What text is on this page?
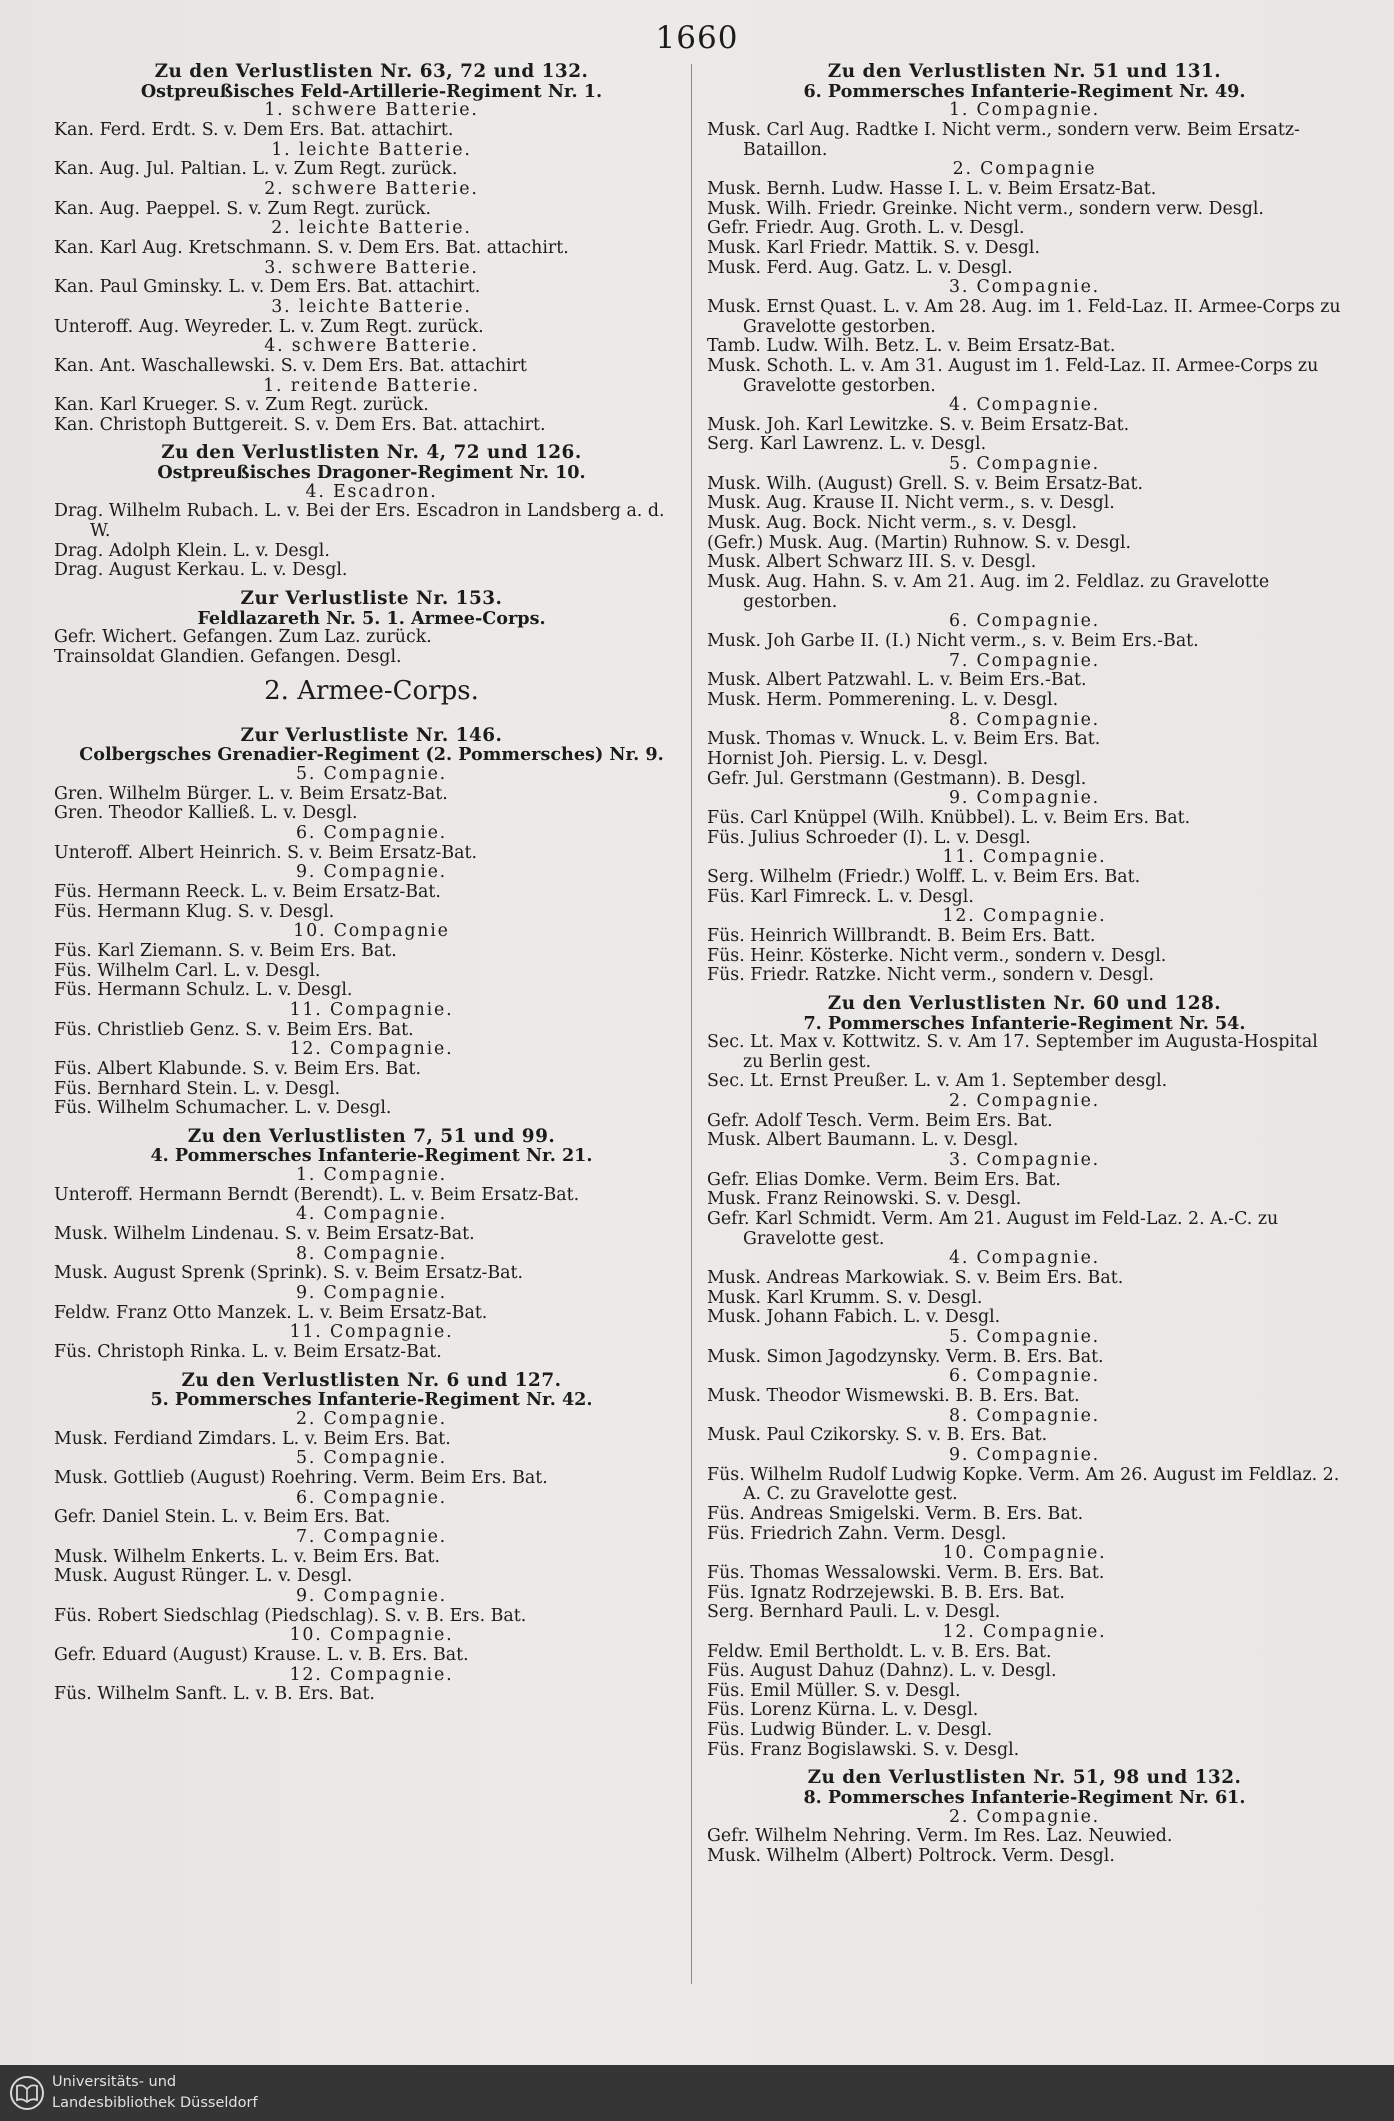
1660
Zu den Verlustlisten Nr. 63, 72 und 132.
Ostpreußisches Feld-Artillerie-Regiment Nr. 1.
1. schwere Batterie.
Kan. Ferd. Erdt. S. v. Dem Ers. Bat. attachirt.
1. leichte Batterie.
Kan. Aug. Jul. Paltian. L. v. Zum Regt. zurück.
2. schwere Batterie.
Kan. Aug. Paeppel. S. v. Zum Regt. zurück.
2. leichte Batterie.
Kan. Karl Aug. Kretschmann. S. v. Dem Ers. Bat. attachirt.
3. schwere Batterie.
Kan. Paul Gminsky. L. v. Dem Ers. Bat. attachirt.
3. leichte Batterie.
Unteroff. Aug. Weyreder. L. v. Zum Regt. zurück.
4. schwere Batterie.
Kan. Ant. Waschallewski. S. v. Dem Ers. Bat. attachirt
1. reitende Batterie.
Kan. Karl Krueger. S. v. Zum Regt. zurück.
Kan. Christoph Buttgereit. S. v. Dem Ers. Bat. attachirt.
Zu den Verlustlisten Nr. 4, 72 und 126.
Ostpreußisches Dragoner-Regiment Nr. 10.
4. Escadron.
Drag. Wilhelm Rubach. L. v. Bei der Ers. Escadron in Landsberg a. d. W.
Drag. Adolph Klein. L. v. Desgl.
Drag. August Kerkau. L. v. Desgl.
Zur Verlustliste Nr. 153.
Feldlazareth Nr. 5. 1. Armee-Corps.
Gefr. Wichert. Gefangen. Zum Laz. zurück.
Trainsoldat Glandien. Gefangen. Desgl.
2. Armee-Corps.
Zur Verlustliste Nr. 146.
Colbergsches Grenadier-Regiment (2. Pommersches) Nr. 9.
5. Compagnie.
Gren. Wilhelm Bürger. L. v. Beim Ersatz-Bat.
Gren. Theodor Kalließ. L. v. Desgl.
6. Compagnie.
Unteroff. Albert Heinrich. S. v. Beim Ersatz-Bat.
9. Compagnie.
Füs. Hermann Reeck. L. v. Beim Ersatz-Bat.
Füs. Hermann Klug. S. v. Desgl.
10. Compagnie
Füs. Karl Ziemann. S. v. Beim Ers. Bat.
Füs. Wilhelm Carl. L. v. Desgl.
Füs. Hermann Schulz. L. v. Desgl.
11. Compagnie.
Füs. Christlieb Genz. S. v. Beim Ers. Bat.
12. Compagnie.
Füs. Albert Klabunde. S. v. Beim Ers. Bat.
Füs. Bernhard Stein. L. v. Desgl.
Füs. Wilhelm Schumacher. L. v. Desgl.
Zu den Verlustlisten 7, 51 und 99.
4. Pommersches Infanterie-Regiment Nr. 21.
1. Compagnie.
Unteroff. Hermann Berndt (Berendt). L. v. Beim Ersatz-Bat.
4. Compagnie.
Musk. Wilhelm Lindenau. S. v. Beim Ersatz-Bat.
8. Compagnie.
Musk. August Sprenk (Sprink). S. v. Beim Ersatz-Bat.
9. Compagnie.
Feldw. Franz Otto Manzek. L. v. Beim Ersatz-Bat.
11. Compagnie.
Füs. Christoph Rinka. L. v. Beim Ersatz-Bat.
Zu den Verlustlisten Nr. 6 und 127.
5. Pommersches Infanterie-Regiment Nr. 42.
2. Compagnie.
Musk. Ferdiand Zimdars. L. v. Beim Ers. Bat.
5. Compagnie.
Musk. Gottlieb (August) Roehring. Verm. Beim Ers. Bat.
6. Compagnie.
Gefr. Daniel Stein. L. v. Beim Ers. Bat.
7. Compagnie.
Musk. Wilhelm Enkerts. L. v. Beim Ers. Bat.
Musk. August Rünger. L. v. Desgl.
9. Compagnie.
Füs. Robert Siedschlag (Piedschlag). S. v. B. Ers. Bat.
10. Compagnie.
Gefr. Eduard (August) Krause. L. v. B. Ers. Bat.
12. Compagnie.
Füs. Wilhelm Sanft. L. v. B. Ers. Bat.
Zu den Verlustlisten Nr. 51 und 131.
6. Pommersches Infanterie-Regiment Nr. 49.
1. Compagnie.
Musk. Carl Aug. Radtke I. Nicht verm., sondern verw. Beim Ersatz-Bataillon.
2. Compagnie
Musk. Bernh. Ludw. Hasse I. L. v. Beim Ersatz-Bat.
Musk. Wilh. Friedr. Greinke. Nicht verm., sondern verw. Desgl.
Gefr. Friedr. Aug. Groth. L. v. Desgl.
Musk. Karl Friedr. Mattik. S. v. Desgl.
Musk. Ferd. Aug. Gatz. L. v. Desgl.
3. Compagnie.
Musk. Ernst Quast. L. v. Am 28. Aug. im 1. Feld-Laz. II. Armee-Corps zu Gravelotte gestorben.
Tamb. Ludw. Wilh. Betz. L. v. Beim Ersatz-Bat.
Musk. Schoth. L. v. Am 31. August im 1. Feld-Laz. II. Armee-Corps zu Gravelotte gestorben.
4. Compagnie.
Musk. Joh. Karl Lewitzke. S. v. Beim Ersatz-Bat.
Serg. Karl Lawrenz. L. v. Desgl.
5. Compagnie.
Musk. Wilh. (August) Grell. S. v. Beim Ersatz-Bat.
Musk. Aug. Krause II. Nicht verm., s. v. Desgl.
Musk. Aug. Bock. Nicht verm., s. v. Desgl.
(Gefr.) Musk. Aug. (Martin) Ruhnow. S. v. Desgl.
Musk. Albert Schwarz III. S. v. Desgl.
Musk. Aug. Hahn. S. v. Am 21. Aug. im 2. Feldlaz. zu Gravelotte gestorben.
6. Compagnie.
Musk. Joh Garbe II. (I.) Nicht verm., s. v. Beim Ers.-Bat.
7. Compagnie.
Musk. Albert Patzwahl. L. v. Beim Ers.-Bat.
Musk. Herm. Pommerening. L. v. Desgl.
8. Compagnie.
Musk. Thomas v. Wnuck. L. v. Beim Ers. Bat.
Hornist Joh. Piersig. L. v. Desgl.
Gefr. Jul. Gerstmann (Gestmann). B. Desgl.
9. Compagnie.
Füs. Carl Knüppel (Wilh. Knübbel). L. v. Beim Ers. Bat.
Füs. Julius Schroeder (I). L. v. Desgl.
11. Compagnie.
Serg. Wilhelm (Friedr.) Wolff. L. v. Beim Ers. Bat.
Füs. Karl Fimreck. L. v. Desgl.
12. Compagnie.
Füs. Heinrich Willbrandt. B. Beim Ers. Batt.
Füs. Heinr. Kösterke. Nicht verm., sondern v. Desgl.
Füs. Friedr. Ratzke. Nicht verm., sondern v. Desgl.
Zu den Verlustlisten Nr. 60 und 128.
7. Pommersches Infanterie-Regiment Nr. 54.
Sec. Lt. Max v. Kottwitz. S. v. Am 17. September im Augusta-Hospital zu Berlin gest.
Sec. Lt. Ernst Preußer. L. v. Am 1. September desgl.
2. Compagnie.
Gefr. Adolf Tesch. Verm. Beim Ers. Bat.
Musk. Albert Baumann. L. v. Desgl.
3. Compagnie.
Gefr. Elias Domke. Verm. Beim Ers. Bat.
Musk. Franz Reinowski. S. v. Desgl.
Gefr. Karl Schmidt. Verm. Am 21. August im Feld-Laz. 2. A.-C. zu Gravelotte gest.
4. Compagnie.
Musk. Andreas Markowiak. S. v. Beim Ers. Bat.
Musk. Karl Krumm. S. v. Desgl.
Musk. Johann Fabich. L. v. Desgl.
5. Compagnie.
Musk. Simon Jagodzynsky. Verm. B. Ers. Bat.
6. Compagnie.
Musk. Theodor Wismewski. B. B. Ers. Bat.
8. Compagnie.
Musk. Paul Czikorsky. S. v. B. Ers. Bat.
9. Compagnie.
Füs. Wilhelm Rudolf Ludwig Kopke. Verm. Am 26. August im Feldlaz. 2. A. C. zu Gravelotte gest.
Füs. Andreas Smigelski. Verm. B. Ers. Bat.
Füs. Friedrich Zahn. Verm. Desgl.
10. Compagnie.
Füs. Thomas Wessalowski. Verm. B. Ers. Bat.
Füs. Ignatz Rodrzejewski. B. B. Ers. Bat.
Serg. Bernhard Pauli. L. v. Desgl.
12. Compagnie.
Feldw. Emil Bertholdt. L. v. B. Ers. Bat.
Füs. August Dahuz (Dahnz). L. v. Desgl.
Füs. Emil Müller. S. v. Desgl.
Füs. Lorenz Kürna. L. v. Desgl.
Füs. Ludwig Bünder. L. v. Desgl.
Füs. Franz Bogislawski. S. v. Desgl.
Zu den Verlustlisten Nr. 51, 98 und 132.
8. Pommersches Infanterie-Regiment Nr. 61.
2. Compagnie.
Gefr. Wilhelm Nehring. Verm. Im Res. Laz. Neuwied.
Musk. Wilhelm (Albert) Poltrock. Verm. Desgl.
Universitäts- und
Landesbibliothek Düsseldorf
